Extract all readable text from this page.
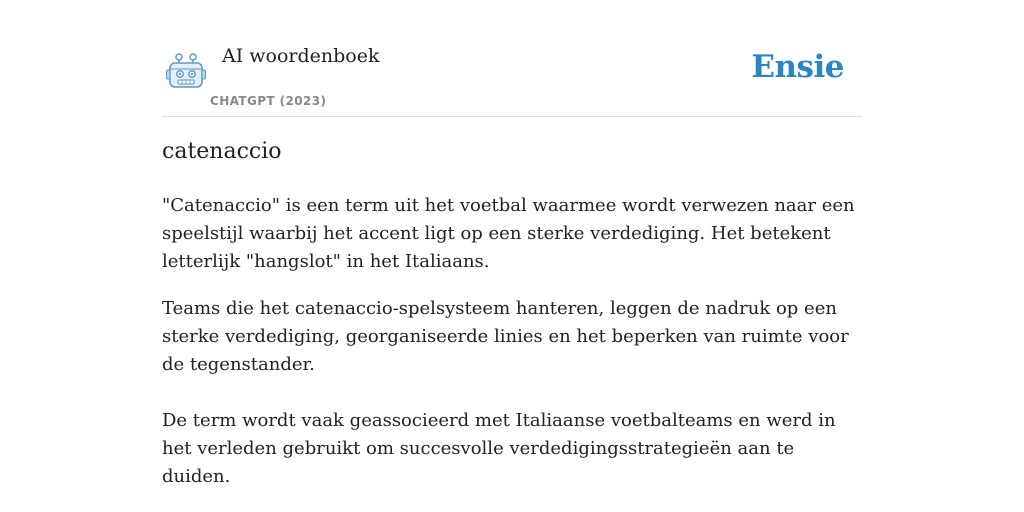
AI woordenboek
CHATGPT (2023)
Ensie
catenaccio

"Catenaccio" is een term uit het voetbal waarmee wordt verwezen naar een speelstijl waarbij het accent ligt op een sterke verdediging. Het betekent letterlijk "hangslot" in het Italiaans.

Teams die het catenaccio-spelsysteem hanteren, leggen de nadruk op een sterke verdediging, georganiseerde linies en het beperken van ruimte voor de tegenstander.

De term wordt vaak geassocieerd met Italiaanse voetbalteams en werd in het verleden gebruikt om succesvolle verdedigingsstrategieën aan te duiden.
